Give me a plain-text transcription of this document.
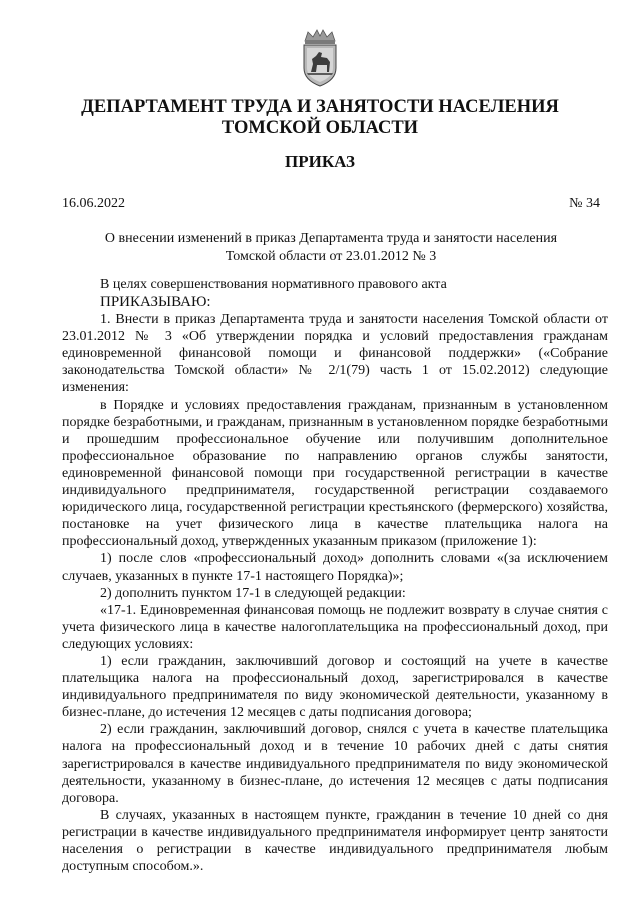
ДЕПАРТАМЕНТ ТРУДА И ЗАНЯТОСТИ НАСЕЛЕНИЯ
ТОМСКОЙ ОБЛАСТИ
ПРИКАЗ
16.06.2022	№ 34
О внесении изменений в приказ Департамента труда и занятости населения
Томской области от 23.01.2012 № 3

В целях совершенствования нормативного правового акта

ПРИКАЗЫВАЮ:

1. Внести в приказ Департамента труда и занятости населения Томской области от 23.01.2012 № 3 «Об утверждении порядка и условий предоставления гражданам единовременной финансовой помощи и финансовой поддержки» («Собрание законодательства Томской области» № 2/1(79) часть 1 от 15.02.2012) следующие изменения:

в Порядке и условиях предоставления гражданам, признанным в установленном порядке безработными, и гражданам, признанным в установленном порядке безработными и прошедшим профессиональное обучение или получившим дополнительное профессиональное образование по направлению органов службы занятости, единовременной финансовой помощи при государственной регистрации в качестве индивидуального предпринимателя, государственной регистрации создаваемого юридического лица, государственной регистрации крестьянского (фермерского) хозяйства, постановке на учет физического лица в качестве плательщика налога на профессиональный доход, утвержденных указанным приказом (приложение 1):

1) после слов «профессиональный доход» дополнить словами «(за исключением случаев, указанных в пункте 17-1 настоящего Порядка)»;

2) дополнить пунктом 17-1 в следующей редакции:

«17-1. Единовременная финансовая помощь не подлежит возврату в случае снятия с учета физического лица в качестве налогоплательщика на профессиональный доход, при следующих условиях:

1) если гражданин, заключивший договор и состоящий на учете в качестве плательщика налога на профессиональный доход, зарегистрировался в качестве индивидуального предпринимателя по виду экономической деятельности, указанному в бизнес-плане, до истечения 12 месяцев с даты подписания договора;

2) если гражданин, заключивший договор, снялся с учета в качестве плательщика налога на профессиональный доход и в течение 10 рабочих дней с даты снятия зарегистрировался в качестве индивидуального предпринимателя по виду экономической деятельности, указанному в бизнес-плане, до истечения 12 месяцев с даты подписания договора.

В случаях, указанных в настоящем пункте, гражданин в течение 10 дней со дня регистрации в качестве индивидуального предпринимателя информирует центр занятости населения о регистрации в качестве индивидуального предпринимателя любым доступным способом.».
